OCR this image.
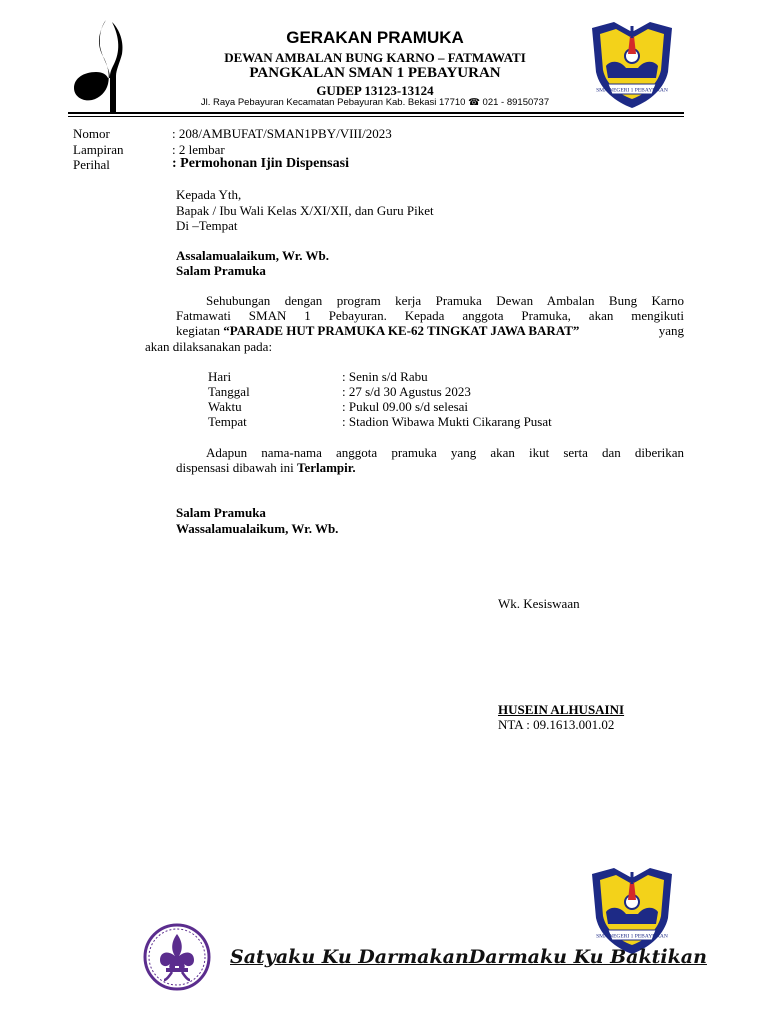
GERAKAN PRAMUKA
DEWAN AMBALAN BUNG KARNO – FATMAWATI
PANGKALAN SMAN 1 PEBAYURAN
GUDEP 13123-13124
Jl. Raya Pebayuran Kecamatan Pebayuran Kab. Bekasi 17710 ☎ 021 - 89150737
SMA NEGERI 1 PEBAYURAN
Nomor	: 208/AMBUFAT/SMAN1PBY/VIII/2023
Lampiran	: 2 lembar
Perihal	: Permohonan Ijin Dispensasi
Kepada Yth,
Bapak / Ibu Wali Kelas X/XI/XII, dan Guru Piket
Di –Tempat
Assalamualaikum, Wr. Wb.
Salam Pramuka
Sehubungan dengan program kerja Pramuka Dewan Ambalan Bung Karno
Fatmawati SMAN 1 Pebayuran. Kepada anggota Pramuka, akan mengikuti
kegiatan “PARADE HUT PRAMUKA KE-62 TINGKAT JAWA BARAT”	yang
akan dilaksanakan pada:
Hari	: Senin s/d Rabu
Tanggal	: 27 s/d 30 Agustus 2023
Waktu	: Pukul 09.00 s/d selesai
Tempat	: Stadion Wibawa Mukti Cikarang Pusat
Adapun nama-nama anggota pramuka yang akan ikut serta dan diberikan
dispensasi dibawah ini Terlampir.
Salam Pramuka
Wassalamualaikum, Wr. Wb.
Wk. Kesiswaan
HUSEIN ALHUSAINI
NTA : 09.1613.001.02
SMA NEGERI 1 PEBAYURAN
Satyaku Ku DarmakanDarmaku Ku Baktikan
